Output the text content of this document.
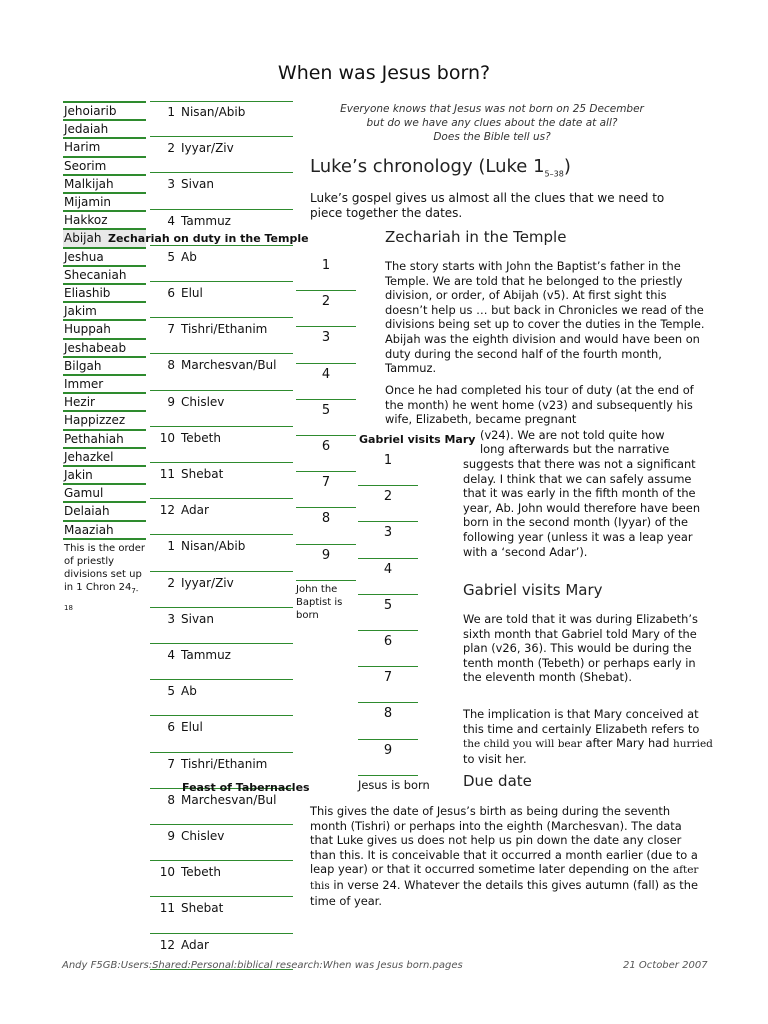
When was Jesus born?
Everyone knows that Jesus was not born on 25 December
but do we have any clues about the date at all?
Does the Bible tell us?
Jehoiarib
Jedaiah
Harim
Seorim
Malkijah
Mijamin
Hakkoz
Abijah
Jeshua
Shecaniah
Eliashib
Jakim
Huppah
Jeshabeab
Bilgah
Immer
Hezir
Happizzez
Pethahiah
Jehazkel
Jakin
Gamul
Delaiah
Maaziah
This is the order of priestly divisions set up in 1 Chron $24_{7-18}$
1 Nisan/Abib
2 Iyyar/Ziv
3 Sivan
4 Tammuz
5 Ab
6 Elul
7 Tishri/Ethanim
8 Marchesvan/Bul
9 Chislev
10 Tebeth
11 Shebat
12 Adar
1 Nisan/Abib
2 Iyyar/Ziv
3 Sivan
4 Tammuz
5 Ab
6 Elul
7 Tishri/Ethanim
8 Marchesvan/Bul
9 Chislev
10 Tebeth
11 Shebat
12 Adar
Zechariah on duty in the Temple
1
2
3
4
5
6
7
8
9
John the Baptist is born
Gabriel visits Mary
1
2
3
4
5
6
7
8
9
Jesus is born
Feast of Tabernacles
Luke’s chronology (Luke $1_{5-38}$)
Luke’s gospel gives us almost all the clues that we need to piece together the dates.
Zechariah in the Temple
The story starts with John the Baptist’s father in the Temple. We are told that he belonged to the priestly division, or order, of Abijah (v5). At first sight this doesn’t help us … but back in Chronicles we read of the divisions being set up to cover the duties in the Temple. Abijah was the eighth division and would have been on duty during the second half of the fourth month, Tammuz.
Once he had completed his tour of duty (at the end of the month) he went home (v23) and subsequently his wife, Elizabeth, became pregnant
(v24). We are not told quite how
long afterwards but the narrative
suggests that there was not a significant delay. I think that we can safely assume that it was early in the fifth month of the year, Ab. John would therefore have been born in the second month (Iyyar) of the following year (unless it was a leap year with a ‘second Adar’).
Gabriel visits Mary
We are told that it was during Elizabeth’s sixth month that Gabriel told Mary of the plan (v26, 36). This would be during the tenth month (Tebeth) or perhaps early in the eleventh month (Shebat).
The implication is that Mary conceived at this time and certainly Elizabeth refers to the child you will bear after Mary had hurried to visit her.
Due date
This gives the date of Jesus’s birth as being during the seventh month (Tishri) or perhaps into the eighth (Marchesvan). The data that Luke gives us does not help us pin down the date any closer than this. It is conceivable that it occurred a month earlier (due to a leap year) or that it occurred sometime later depending on the after this in verse 24. Whatever the details this gives autumn (fall) as the time of year.
Andy F5GB:Users:Shared:Personal:biblical research:When was Jesus born.pages	21 October 2007
